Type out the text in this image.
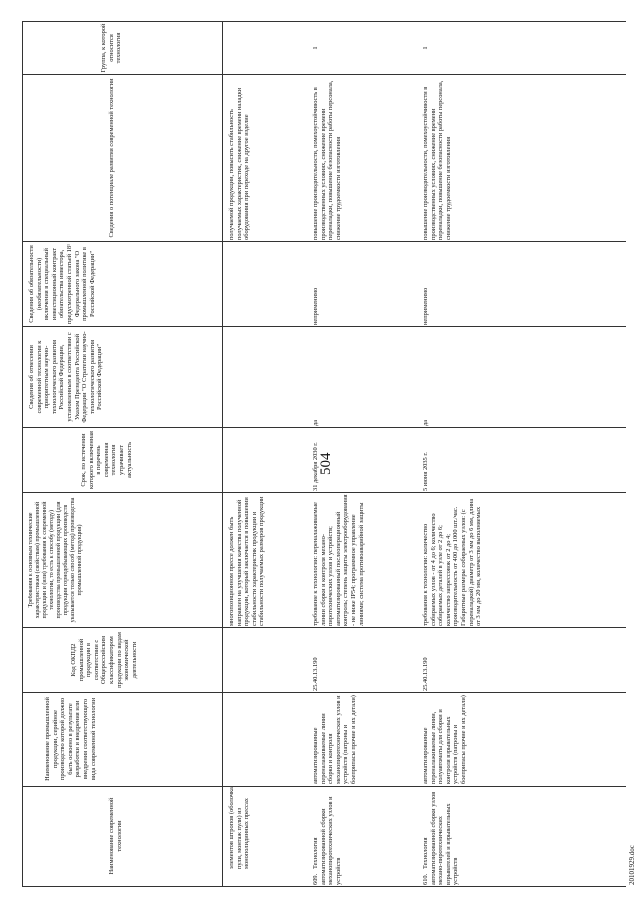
504
Наименование современной технологии
Наименование промышленной продукции, серийное производство которой должно быть освоено в результате разработки и внедрения или внедрения соответствующего вида современной технологии
Код ОКПД2 промышленной продукции в соответствии с Общероссийским классификатором продукции по видам экономической деятельности
Требования к основным технические характеристикам (свойствам) промышленной продукции и (или) требования к современной технологии, то есть к способу (методу) производства промышленной продукции (для продукции горнодобывающих производств указывается только способ (метод) производства промышленной продукции)
Срок, по истечении которого включенная в перечень современная технология утрачивает актуальность
Сведения об отнесении современной технологии к приоритетным научно-технологического развития Российской Федерации, установленным в соответствии с Указом Президента Российской Федерации "О Стратегии научно-технологического развития Российской Федерации"
Сведения об обязательности (необязательности) включения в специальный инвестиционный контракт обязательства инвестора, предусмотренной статьей 18¹ Федерального закона "О промышленной политике в Российской Федерации"
Сведения о потенциале развития современной технологии
Группа, к которой относится технология
элементов штропов (оболочка пули, монтаж пули) из монополидинных прессах
многопозиционном прессе должен быть направлен на улучшения качества полученной продукции, который заключается в повышении стабильности характеристик продукции и стабильности получаемых размеров продукции
получаемой продукции, повысить стабильность получаемых характеристик, снижение времени наладки оборудования при переходе на другое изделие
609.Технология автоматизированной сборки механопиротехнических узлов и устройств
автоматизированные переналаживаемые линии сборки и контроля механопиротехнических узлов и устройств (патроны и боеприпасы прочие и их детали)
25.40.13.190
требование к технологии: переналаживаемые линии сборки и контроля механо-пиротехнических узлов и устройств; автоматизированный послеоперационный контроль; степень защиты электрооборудования - не ниже IP54; программное управление линиями; система противоаварийной защиты
31 декабря 2030 г.
да
неприменимо
повышение производительности, помехоустойчивость в производственных условиях, снижение времени переналадки, повышение безопасности работы персонала, снижение трудоемкости изготовления
1
610.Технология автоматизированной сборки узлов механо-пиротехнических взрывателей и взрывательных устройств
автоматизированные переналаживаемые линии, полуавтоматы для сборки и контроля взрывательных устройств (патроны и боеприпасы прочие и их детали)
25.40.13.190
требования к технологии: количество собираемых узлов - от 4 до 6; количество собираемых деталей в узле от 2 до 6; количество запрессовок от 2 до 4; производительность от 400 до 1000 шт./час. Габаритные размеры собираемых узлов: (с переналадкой) диаметр от 3 мм до 6 мм, длина от 3 мм до 20 мм, количество выполняемых
5 июня 2035 г.
да
неприменимо
повышение производительности, помехоустойчивости в производственных условиях, снижение времени переналадки, повышение безопасности работы персонала, снижение трудоемкости изготовления
1
20101929.doc
